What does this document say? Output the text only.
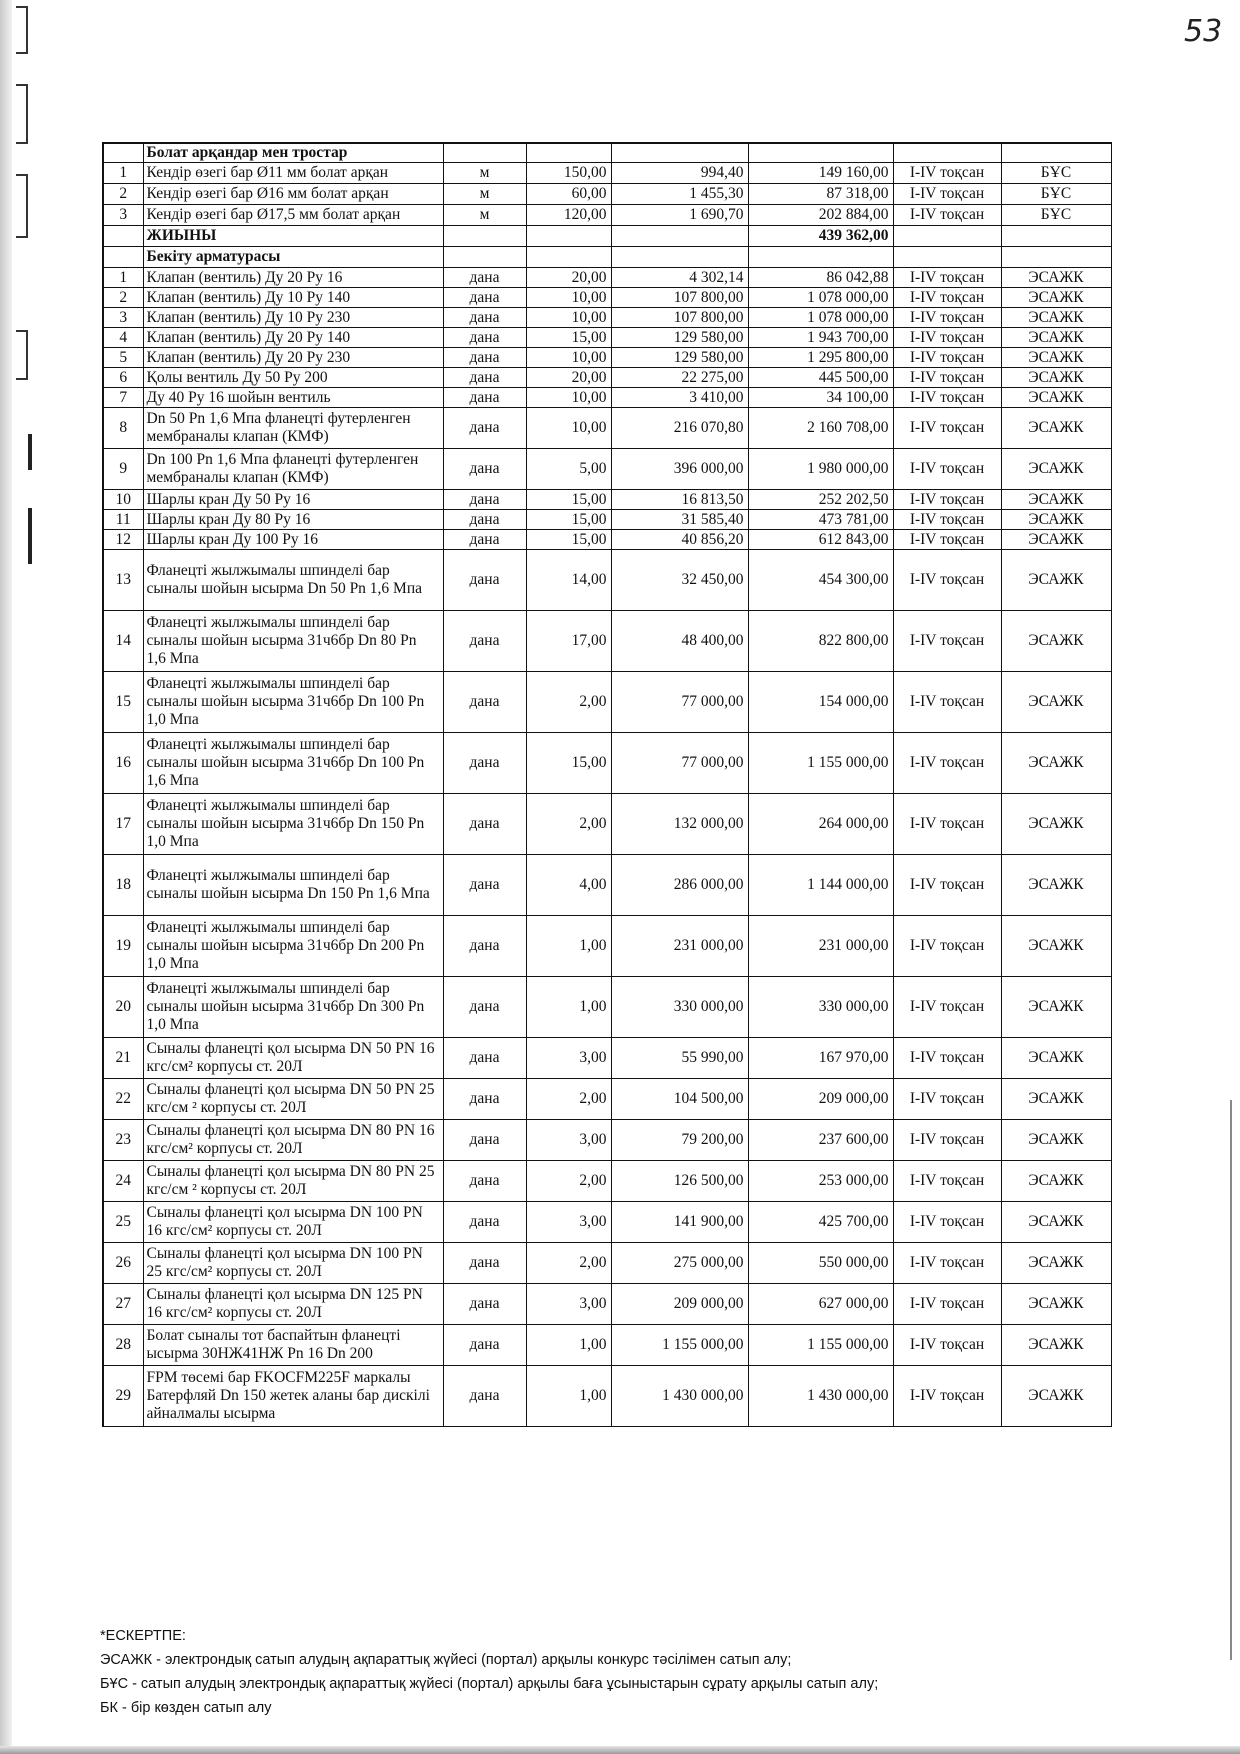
53
	Болат арқандар мен тростар						
1	Кендір өзегі бар Ø11 мм болат арқан	м	150,00	994,40	149 160,00	I-IV тоқсан	БҰС
2	Кендір өзегі бар Ø16 мм болат арқан	м	60,00	1 455,30	87 318,00	I-IV тоқсан	БҰС
3	Кендір өзегі бар Ø17,5 мм болат арқан	м	120,00	1 690,70	202 884,00	I-IV тоқсан	БҰС
	ЖИЫНЫ				439 362,00		
	Бекіту арматурасы						
1	Клапан (вентиль) Ду 20 Ру 16	дана	20,00	4 302,14	86 042,88	I-IV тоқсан	ЭСАЖК
2	Клапан (вентиль) Ду 10 Ру 140	дана	10,00	107 800,00	1 078 000,00	I-IV тоқсан	ЭСАЖК
3	Клапан (вентиль) Ду 10 Ру 230	дана	10,00	107 800,00	1 078 000,00	I-IV тоқсан	ЭСАЖК
4	Клапан (вентиль) Ду 20 Ру 140	дана	15,00	129 580,00	1 943 700,00	I-IV тоқсан	ЭСАЖК
5	Клапан (вентиль) Ду 20 Ру 230	дана	10,00	129 580,00	1 295 800,00	I-IV тоқсан	ЭСАЖК
6	Қолы вентиль Ду 50 Ру 200	дана	20,00	22 275,00	445 500,00	I-IV тоқсан	ЭСАЖК
7	Ду 40 Ру 16 шойын вентиль	дана	10,00	3 410,00	34 100,00	I-IV тоқсан	ЭСАЖК
8	Dn 50 Pn 1,6 Мпа фланецті футерленген мембраналы клапан (КМФ)	дана	10,00	216 070,80	2 160 708,00	I-IV тоқсан	ЭСАЖК
9	Dn 100 Pn 1,6 Мпа фланецті футерленген мембраналы клапан (КМФ)	дана	5,00	396 000,00	1 980 000,00	I-IV тоқсан	ЭСАЖК
10	Шарлы кран Ду 50 Ру 16	дана	15,00	16 813,50	252 202,50	I-IV тоқсан	ЭСАЖК
11	Шарлы кран Ду 80 Ру 16	дана	15,00	31 585,40	473 781,00	I-IV тоқсан	ЭСАЖК
12	Шарлы кран Ду 100 Ру 16	дана	15,00	40 856,20	612 843,00	I-IV тоқсан	ЭСАЖК
13	Фланецті жылжымалы шпинделі бар сыналы шойын ысырма Dn 50 Pn 1,6 Мпа	дана	14,00	32 450,00	454 300,00	I-IV тоқсан	ЭСАЖК
14	Фланецті жылжымалы шпинделі бар сыналы шойын ысырма 31ч6бр Dn 80 Pn 1,6 Мпа	дана	17,00	48 400,00	822 800,00	I-IV тоқсан	ЭСАЖК
15	Фланецті жылжымалы шпинделі бар сыналы шойын ысырма 31ч6бр Dn 100 Pn 1,0 Мпа	дана	2,00	77 000,00	154 000,00	I-IV тоқсан	ЭСАЖК
16	Фланецті жылжымалы шпинделі бар сыналы шойын ысырма 31ч6бр Dn 100 Pn 1,6 Мпа	дана	15,00	77 000,00	1 155 000,00	I-IV тоқсан	ЭСАЖК
17	Фланецті жылжымалы шпинделі бар сыналы шойын ысырма 31ч6бр Dn 150 Pn 1,0 Мпа	дана	2,00	132 000,00	264 000,00	I-IV тоқсан	ЭСАЖК
18	Фланецті жылжымалы шпинделі бар сыналы шойын ысырма Dn 150 Pn 1,6 Мпа	дана	4,00	286 000,00	1 144 000,00	I-IV тоқсан	ЭСАЖК
19	Фланецті жылжымалы шпинделі бар сыналы шойын ысырма 31ч6бр Dn 200 Pn 1,0 Мпа	дана	1,00	231 000,00	231 000,00	I-IV тоқсан	ЭСАЖК
20	Фланецті жылжымалы шпинделі бар сыналы шойын ысырма 31ч6бр Dn 300 Pn 1,0 Мпа	дана	1,00	330 000,00	330 000,00	I-IV тоқсан	ЭСАЖК
21	Сыналы фланецті қол ысырма DN 50 PN 16 кгс/см² корпусы ст. 20Л	дана	3,00	55 990,00	167 970,00	I-IV тоқсан	ЭСАЖК
22	Сыналы фланецті қол ысырма DN 50 PN 25 кгс/см ² корпусы ст. 20Л	дана	2,00	104 500,00	209 000,00	I-IV тоқсан	ЭСАЖК
23	Сыналы фланецті қол ысырма DN 80 PN 16 кгс/см² корпусы ст. 20Л	дана	3,00	79 200,00	237 600,00	I-IV тоқсан	ЭСАЖК
24	Сыналы фланецті қол ысырма DN 80 PN 25 кгс/см ² корпусы ст. 20Л	дана	2,00	126 500,00	253 000,00	I-IV тоқсан	ЭСАЖК
25	Сыналы фланецті қол ысырма DN 100 PN 16 кгс/см² корпусы ст. 20Л	дана	3,00	141 900,00	425 700,00	I-IV тоқсан	ЭСАЖК
26	Сыналы фланецті қол ысырма DN 100 PN 25 кгс/см² корпусы ст. 20Л	дана	2,00	275 000,00	550 000,00	I-IV тоқсан	ЭСАЖК
27	Сыналы фланецті қол ысырма DN 125 PN 16 кгс/см² корпусы ст. 20Л	дана	3,00	209 000,00	627 000,00	I-IV тоқсан	ЭСАЖК
28	Болат сыналы тот баспайтын фланецті ысырма 30НЖ41НЖ Pn 16 Dn 200	дана	1,00	1 155 000,00	1 155 000,00	I-IV тоқсан	ЭСАЖК
29	FPM төсемі бар FKOCFM225F маркалы Батерфляй Dn 150 жетек аланы бар дискілі айналмалы ысырма	дана	1,00	1 430 000,00	1 430 000,00	I-IV тоқсан	ЭСАЖК
*ЕСКЕРТПЕ:
ЭСАЖК - электрондық сатып алудың ақпараттық жүйесі (портал) арқылы конкурс тәсілімен сатып алу;
БҰС - сатып алудың электрондық ақпараттық жүйесі (портал) арқылы баға ұсыныстарын сұрату арқылы сатып алу;
БК - бір көзден сатып алу
